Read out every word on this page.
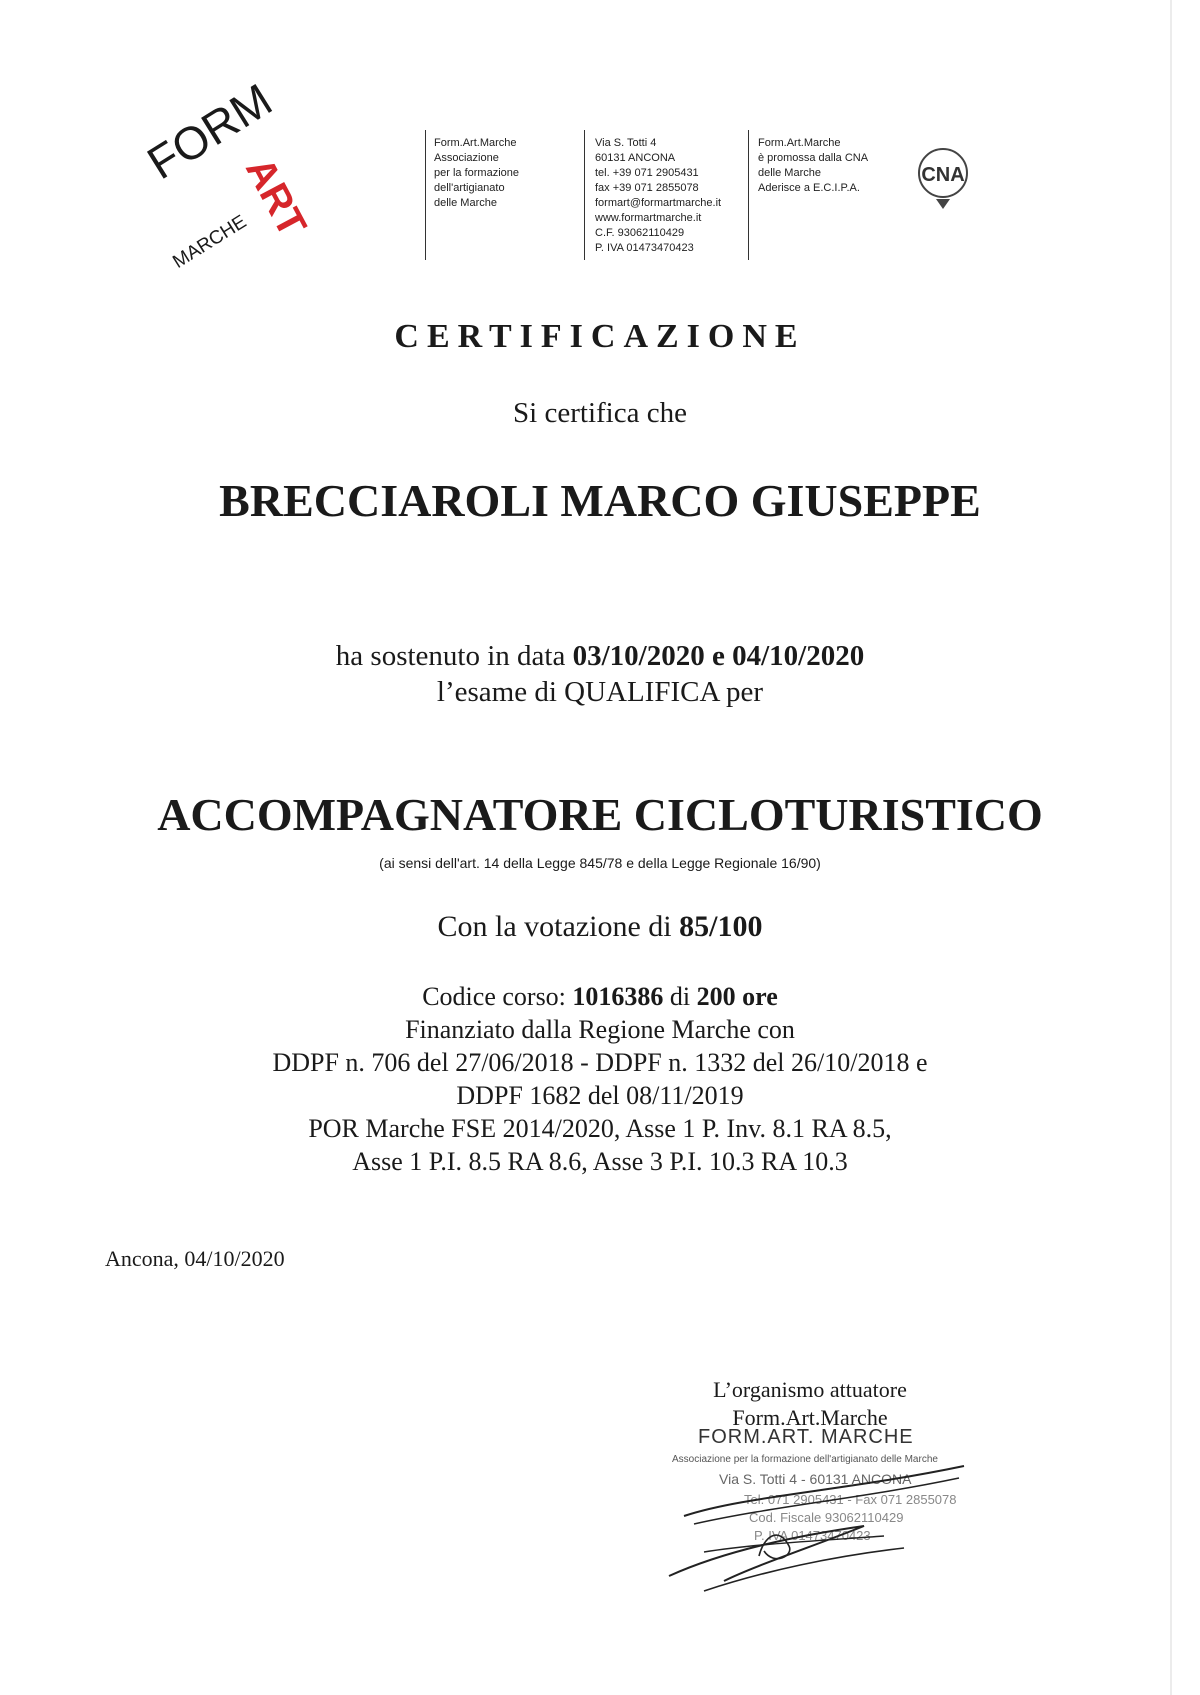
FORM
ART
MARCHE
Form.Art.Marche
Associazione
per la formazione
dell'artigianato
delle Marche
Via S. Totti 4
60131 ANCONA
tel. +39 071 2905431
fax +39 071 2855078
formart@formartmarche.it
www.formartmarche.it
C.F. 93062110429
P. IVA 01473470423
Form.Art.Marche
è promossa dalla CNA
delle Marche
Aderisce a E.C.I.P.A.
CNA
CERTIFICAZIONE
Si certifica che
BRECCIAROLI MARCO GIUSEPPE
ha sostenuto in data 03/10/2020 e 04/10/2020
l’esame di QUALIFICA per
ACCOMPAGNATORE CICLOTURISTICO
(ai sensi dell'art. 14 della Legge 845/78 e della Legge Regionale 16/90)
Con la votazione di 85/100
Codice corso: 1016386 di 200 ore
Finanziato dalla Regione Marche con
DDPF n. 706 del 27/06/2018 - DDPF n. 1332 del 26/10/2018 e
DDPF 1682 del 08/11/2019
POR Marche FSE 2014/2020, Asse 1 P. Inv. 8.1 RA 8.5,
Asse 1 P.I. 8.5 RA 8.6, Asse 3 P.I. 10.3 RA 10.3
Ancona, 04/10/2020
L’organismo attuatore
Form.Art.Marche
FORM.ART. MARCHE
Associazione per la formazione dell'artigianato delle Marche
Via S. Totti 4 - 60131 ANCONA
Tel. 071 2905431 - Fax 071 2855078
Cod. Fiscale 93062110429
P. IVA 01473470423
